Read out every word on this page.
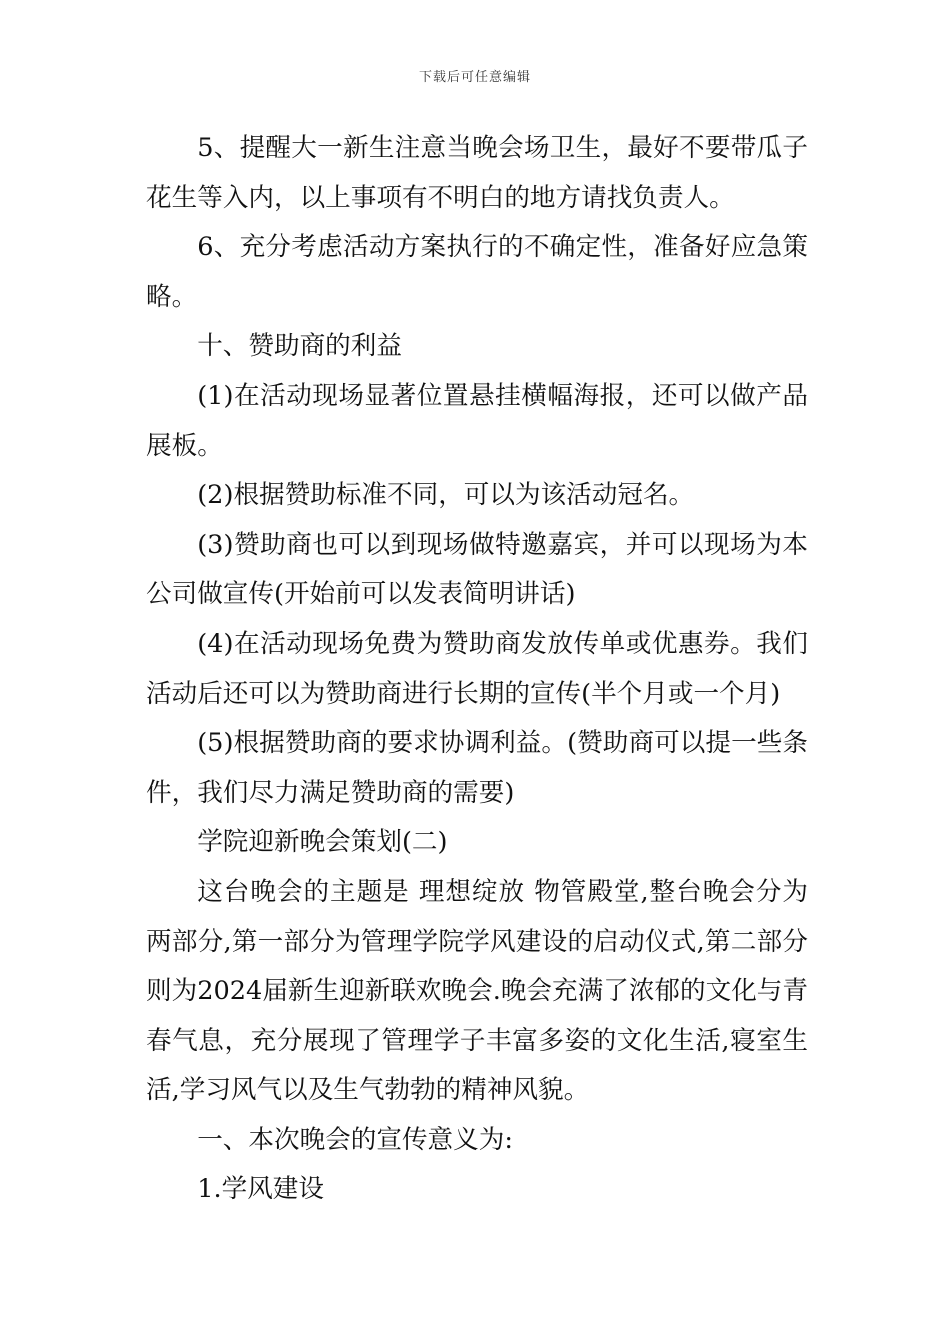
下载后可任意编辑

5、提醒大一新生注意当晚会场卫生，最好不要带瓜子花生等入内，以上事项有不明白的地方请找负责人。

6、充分考虑活动方案执行的不确定性，准备好应急策略。

十、赞助商的利益

(1)在活动现场显著位置悬挂横幅海报，还可以做产品展板。

(2)根据赞助标准不同，可以为该活动冠名。

(3)赞助商也可以到现场做特邀嘉宾，并可以现场为本公司做宣传(开始前可以发表简明讲话)

(4)在活动现场免费为赞助商发放传单或优惠券。我们活动后还可以为赞助商进行长期的宣传(半个月或一个月)

(5)根据赞助商的要求协调利益。(赞助商可以提一些条件，我们尽力满足赞助商的需要)

学院迎新晚会策划(二)

这台晚会的主题是 理想绽放 物管殿堂,整台晚会分为两部分,第一部分为管理学院学风建设的启动仪式,第二部分则为2024届新生迎新联欢晚会.晚会充满了浓郁的文化与青春气息，充分展现了管理学子丰富多姿的文化生活,寝室生活,学习风气以及生气勃勃的精神风貌。

一、本次晚会的宣传意义为:

1.学风建设
